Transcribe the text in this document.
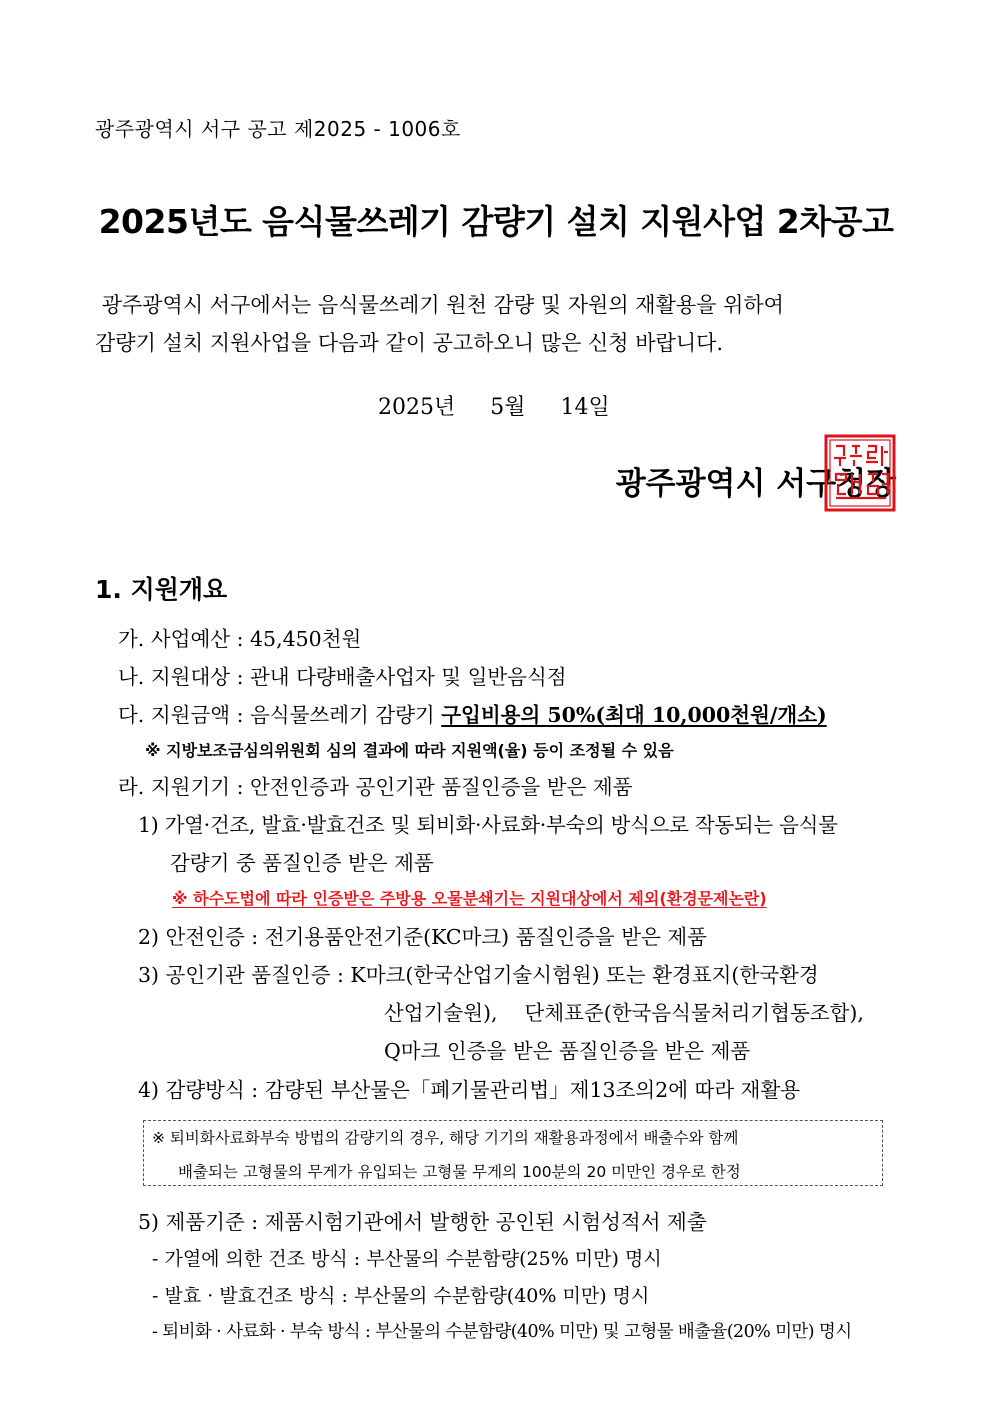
광주광역시 서구 공고 제2025 - 1006호
2025년도 음식물쓰레기 감량기 설치 지원사업 2차공고
광주광역시 서구에서는 음식물쓰레기 원천 감량 및 자원의 재활용을 위하여
감량기 설치 지원사업을 다음과 같이 공고하오니 많은 신청 바랍니다.
2025년 　5월 　14일
광주광역시 서구청장
1. 지원개요
가. 사업예산 : 45,450천원
나. 지원대상 : 관내 다량배출사업자 및 일반음식점
다. 지원금액 : 음식물쓰레기 감량기 구입비용의 50%(최대 10,000천원/개소)
※ 지방보조금심의위원회 심의 결과에 따라 지원액(율) 등이 조정될 수 있음
라. 지원기기 : 안전인증과 공인기관 품질인증을 받은 제품
1) 가열·건조, 발효·발효건조 및 퇴비화·사료화·부숙의 방식으로 작동되는 음식물
감량기 중 품질인증 받은 제품
※ 하수도법에 따라 인증받은 주방용 오물분쇄기는 지원대상에서 제외(환경문제논란)
2) 안전인증 : 전기용품안전기준(KC마크) 품질인증을 받은 제품
3) 공인기관 품질인증 : K마크(한국산업기술시험원) 또는 환경표지(한국환경
산업기술원), 　단체표준(한국음식물처리기협동조합),
Q마크 인증을 받은 품질인증을 받은 제품
4) 감량방식 : 감량된 부산물은「폐기물관리법」제13조의2에 따라 재활용
※ 퇴비화사료화부숙 방법의 감량기의 경우, 해당 기기의 재활용과정에서 배출수와 함께
배출되는 고형물의 무게가 유입되는 고형물 무게의 100분의 20 미만인 경우로 한정
5) 제품기준 : 제품시험기관에서 발행한 공인된 시험성적서 제출
- 가열에 의한 건조 방식 : 부산물의 수분함량(25% 미만) 명시
- 발효 · 발효건조 방식 : 부산물의 수분함량(40% 미만) 명시
- 퇴비화 · 사료화 · 부숙 방식 : 부산물의 수분함량(40% 미만) 및 고형물 배출율(20% 미만) 명시
